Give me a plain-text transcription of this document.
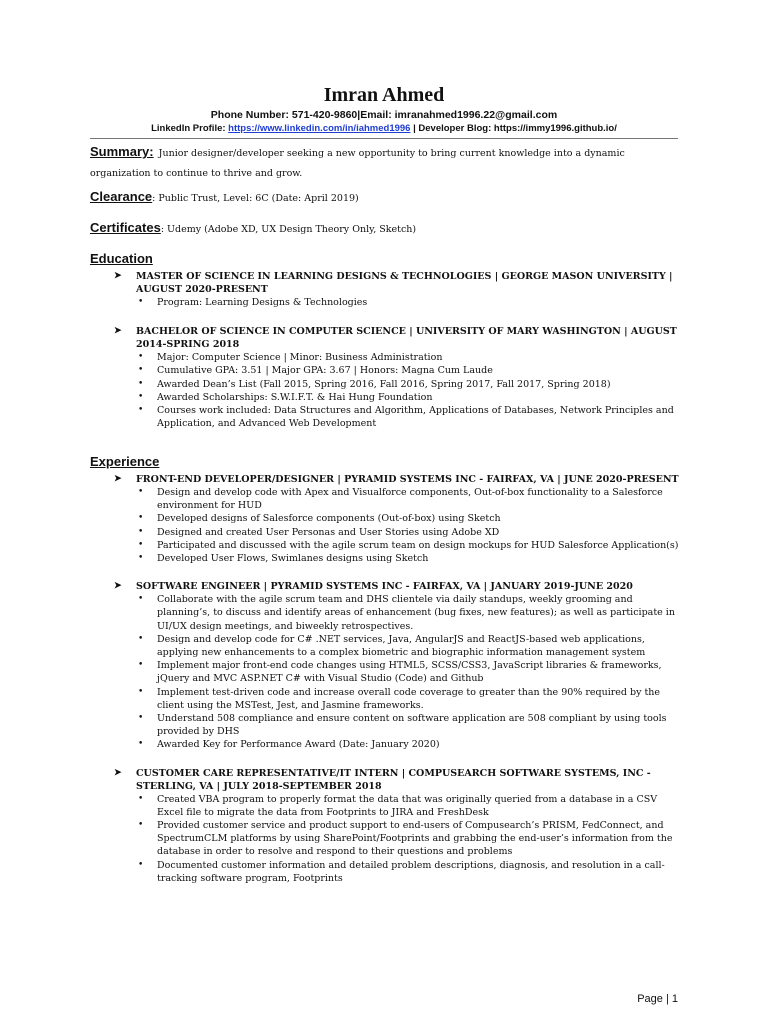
Imran Ahmed
Phone Number: 571-420-9860|Email: imranahmed1996.22@gmail.com
LinkedIn Profile: https://www.linkedin.com/in/iahmed1996 | Developer Blog: https://immy1996.github.io/
Summary: Junior designer/developer seeking a new opportunity to bring current knowledge into a dynamic organization to continue to thrive and grow.
Clearance: Public Trust, Level: 6C (Date: April 2019)
Certificates: Udemy (Adobe XD, UX Design Theory Only, Sketch)
Education
➤ MASTER OF SCIENCE IN LEARNING DESIGNS & TECHNOLOGIES | GEORGE MASON UNIVERSITY | AUGUST 2020-PRESENT
• Program: Learning Designs & Technologies
➤ BACHELOR OF SCIENCE IN COMPUTER SCIENCE | UNIVERSITY OF MARY WASHINGTON | AUGUST 2014-SPRING 2018
• Major: Computer Science | Minor: Business Administration
• Cumulative GPA: 3.51 | Major GPA: 3.67 | Honors: Magna Cum Laude
• Awarded Dean’s List (Fall 2015, Spring 2016, Fall 2016, Spring 2017, Fall 2017, Spring 2018)
• Awarded Scholarships: S.W.I.F.T. & Hai Hung Foundation
• Courses work included: Data Structures and Algorithm, Applications of Databases, Network Principles and Application, and Advanced Web Development
Experience
➤ FRONT-END DEVELOPER/DESIGNER | PYRAMID SYSTEMS INC - FAIRFAX, VA | JUNE 2020-PRESENT
• Design and develop code with Apex and Visualforce components, Out-of-box functionality to a Salesforce environment for HUD
• Developed designs of Salesforce components (Out-of-box) using Sketch
• Designed and created User Personas and User Stories using Adobe XD
• Participated and discussed with the agile scrum team on design mockups for HUD Salesforce Application(s)
• Developed User Flows, Swimlanes designs using Sketch
➤ SOFTWARE ENGINEER | PYRAMID SYSTEMS INC - FAIRFAX, VA | JANUARY 2019-JUNE 2020
• Collaborate with the agile scrum team and DHS clientele via daily standups, weekly grooming and planning’s, to discuss and identify areas of enhancement (bug fixes, new features); as well as participate in UI/UX design meetings, and biweekly retrospectives.
• Design and develop code for C# .NET services, Java, AngularJS and ReactJS-based web applications, applying new enhancements to a complex biometric and biographic information management system
• Implement major front-end code changes using HTML5, SCSS/CSS3, JavaScript libraries & frameworks, jQuery and MVC ASP.NET C# with Visual Studio (Code) and Github
• Implement test-driven code and increase overall code coverage to greater than the 90% required by the client using the MSTest, Jest, and Jasmine frameworks.
• Understand 508 compliance and ensure content on software application are 508 compliant by using tools provided by DHS
• Awarded Key for Performance Award (Date: January 2020)
➤ CUSTOMER CARE REPRESENTATIVE/IT INTERN | COMPUSEARCH SOFTWARE SYSTEMS, INC - STERLING, VA | JULY 2018-SEPTEMBER 2018
• Created VBA program to properly format the data that was originally queried from a database in a CSV Excel file to migrate the data from Footprints to JIRA and FreshDesk
• Provided customer service and product support to end-users of Compusearch’s PRISM, FedConnect, and SpectrumCLM platforms by using SharePoint/Footprints and grabbing the end-user’s information from the database in order to resolve and respond to their questions and problems
• Documented customer information and detailed problem descriptions, diagnosis, and resolution in a call-tracking software program, Footprints
Page | 1
